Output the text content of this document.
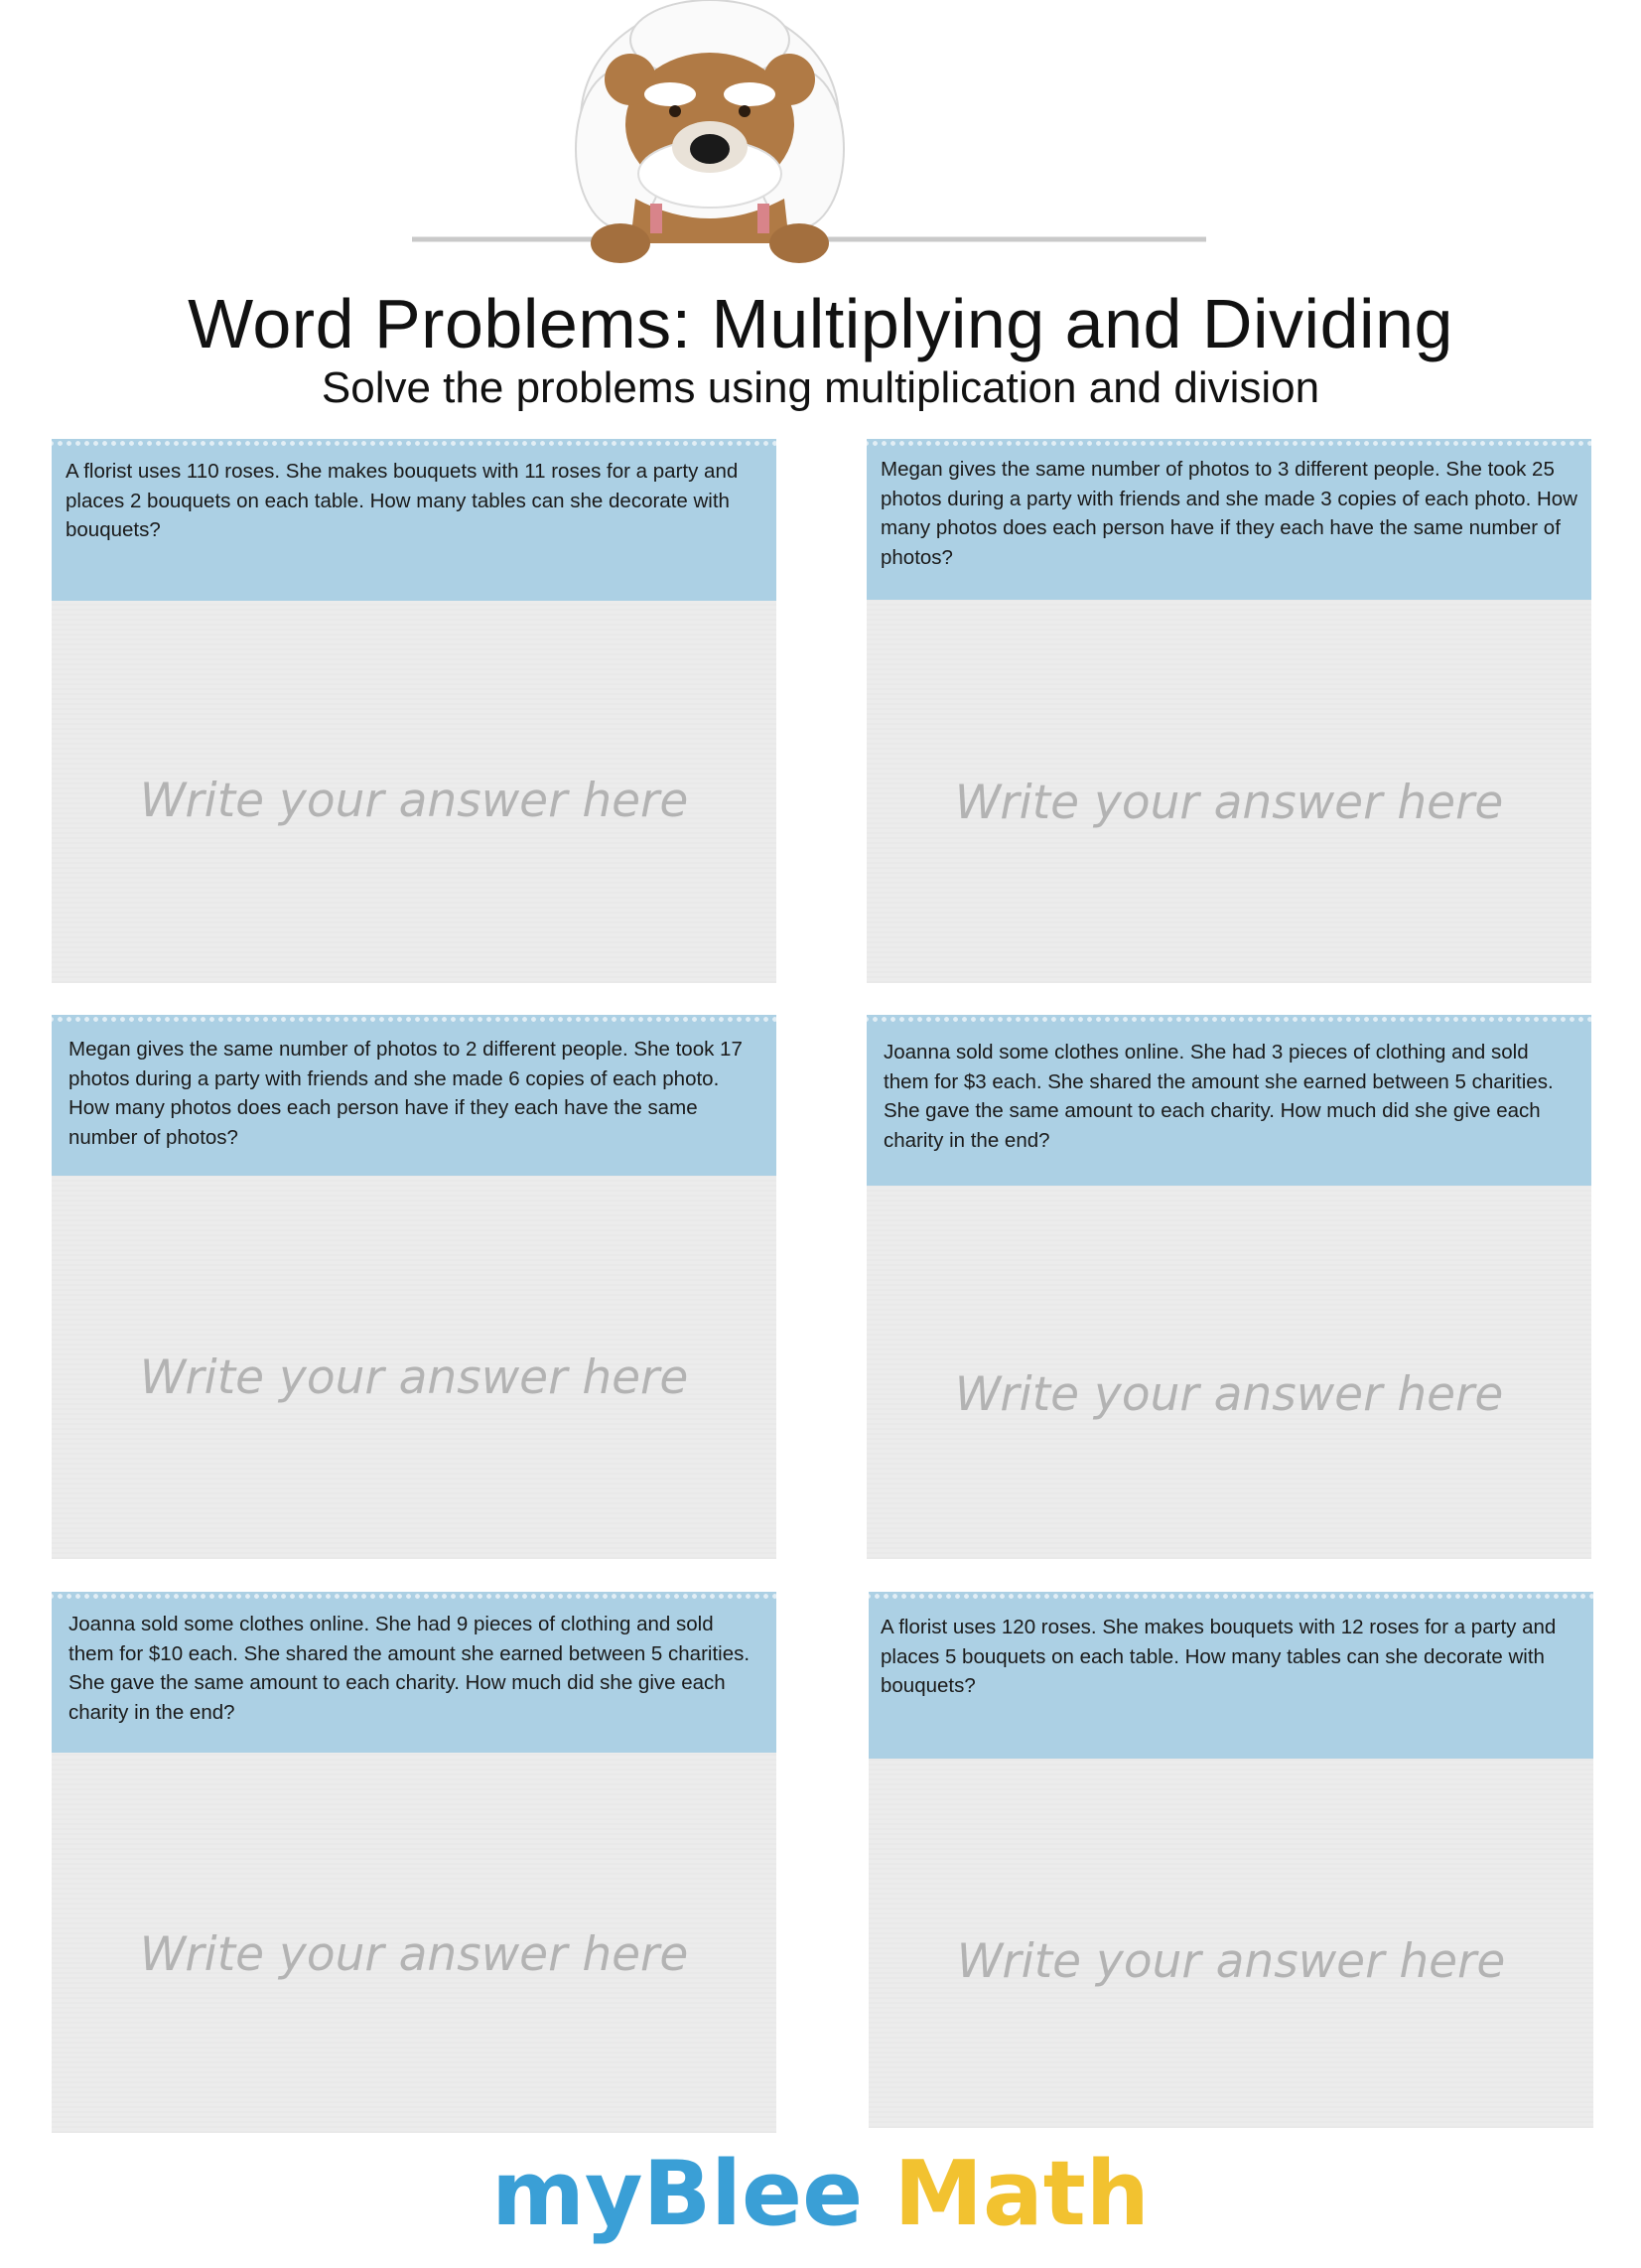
Word Problems: Multiplying and Dividing
Solve the problems using multiplication and division
A florist uses 110 roses. She makes bouquets with 11 roses for a party and places 2 bouquets on each table. How many tables can she decorate with bouquets?
Write your answer here
Megan gives the same number of photos to 3 different people. She took 25 photos during a party with friends and she made 3 copies of each photo. How many photos does each person have if they each have the same number of photos?
Write your answer here
Megan gives the same number of photos to 2 different people. She took 17 photos during a party with friends and she made 6 copies of each photo. How many photos does each person have if they each have the same number of photos?
Write your answer here
Joanna sold some clothes online. She had 3 pieces of clothing and sold them for $3 each. She shared the amount she earned between 5 charities. She gave the same amount to each charity. How much did she give each charity in the end?
Write your answer here
Joanna sold some clothes online. She had 9 pieces of clothing and sold them for $10 each. She shared the amount she earned between 5 charities. She gave the same amount to each charity. How much did she give each charity in the end?
Write your answer here
A florist uses 120 roses. She makes bouquets with 12 roses for a party and places 5 bouquets on each table. How many tables can she decorate with bouquets?
Write your answer here
myBlee Math
